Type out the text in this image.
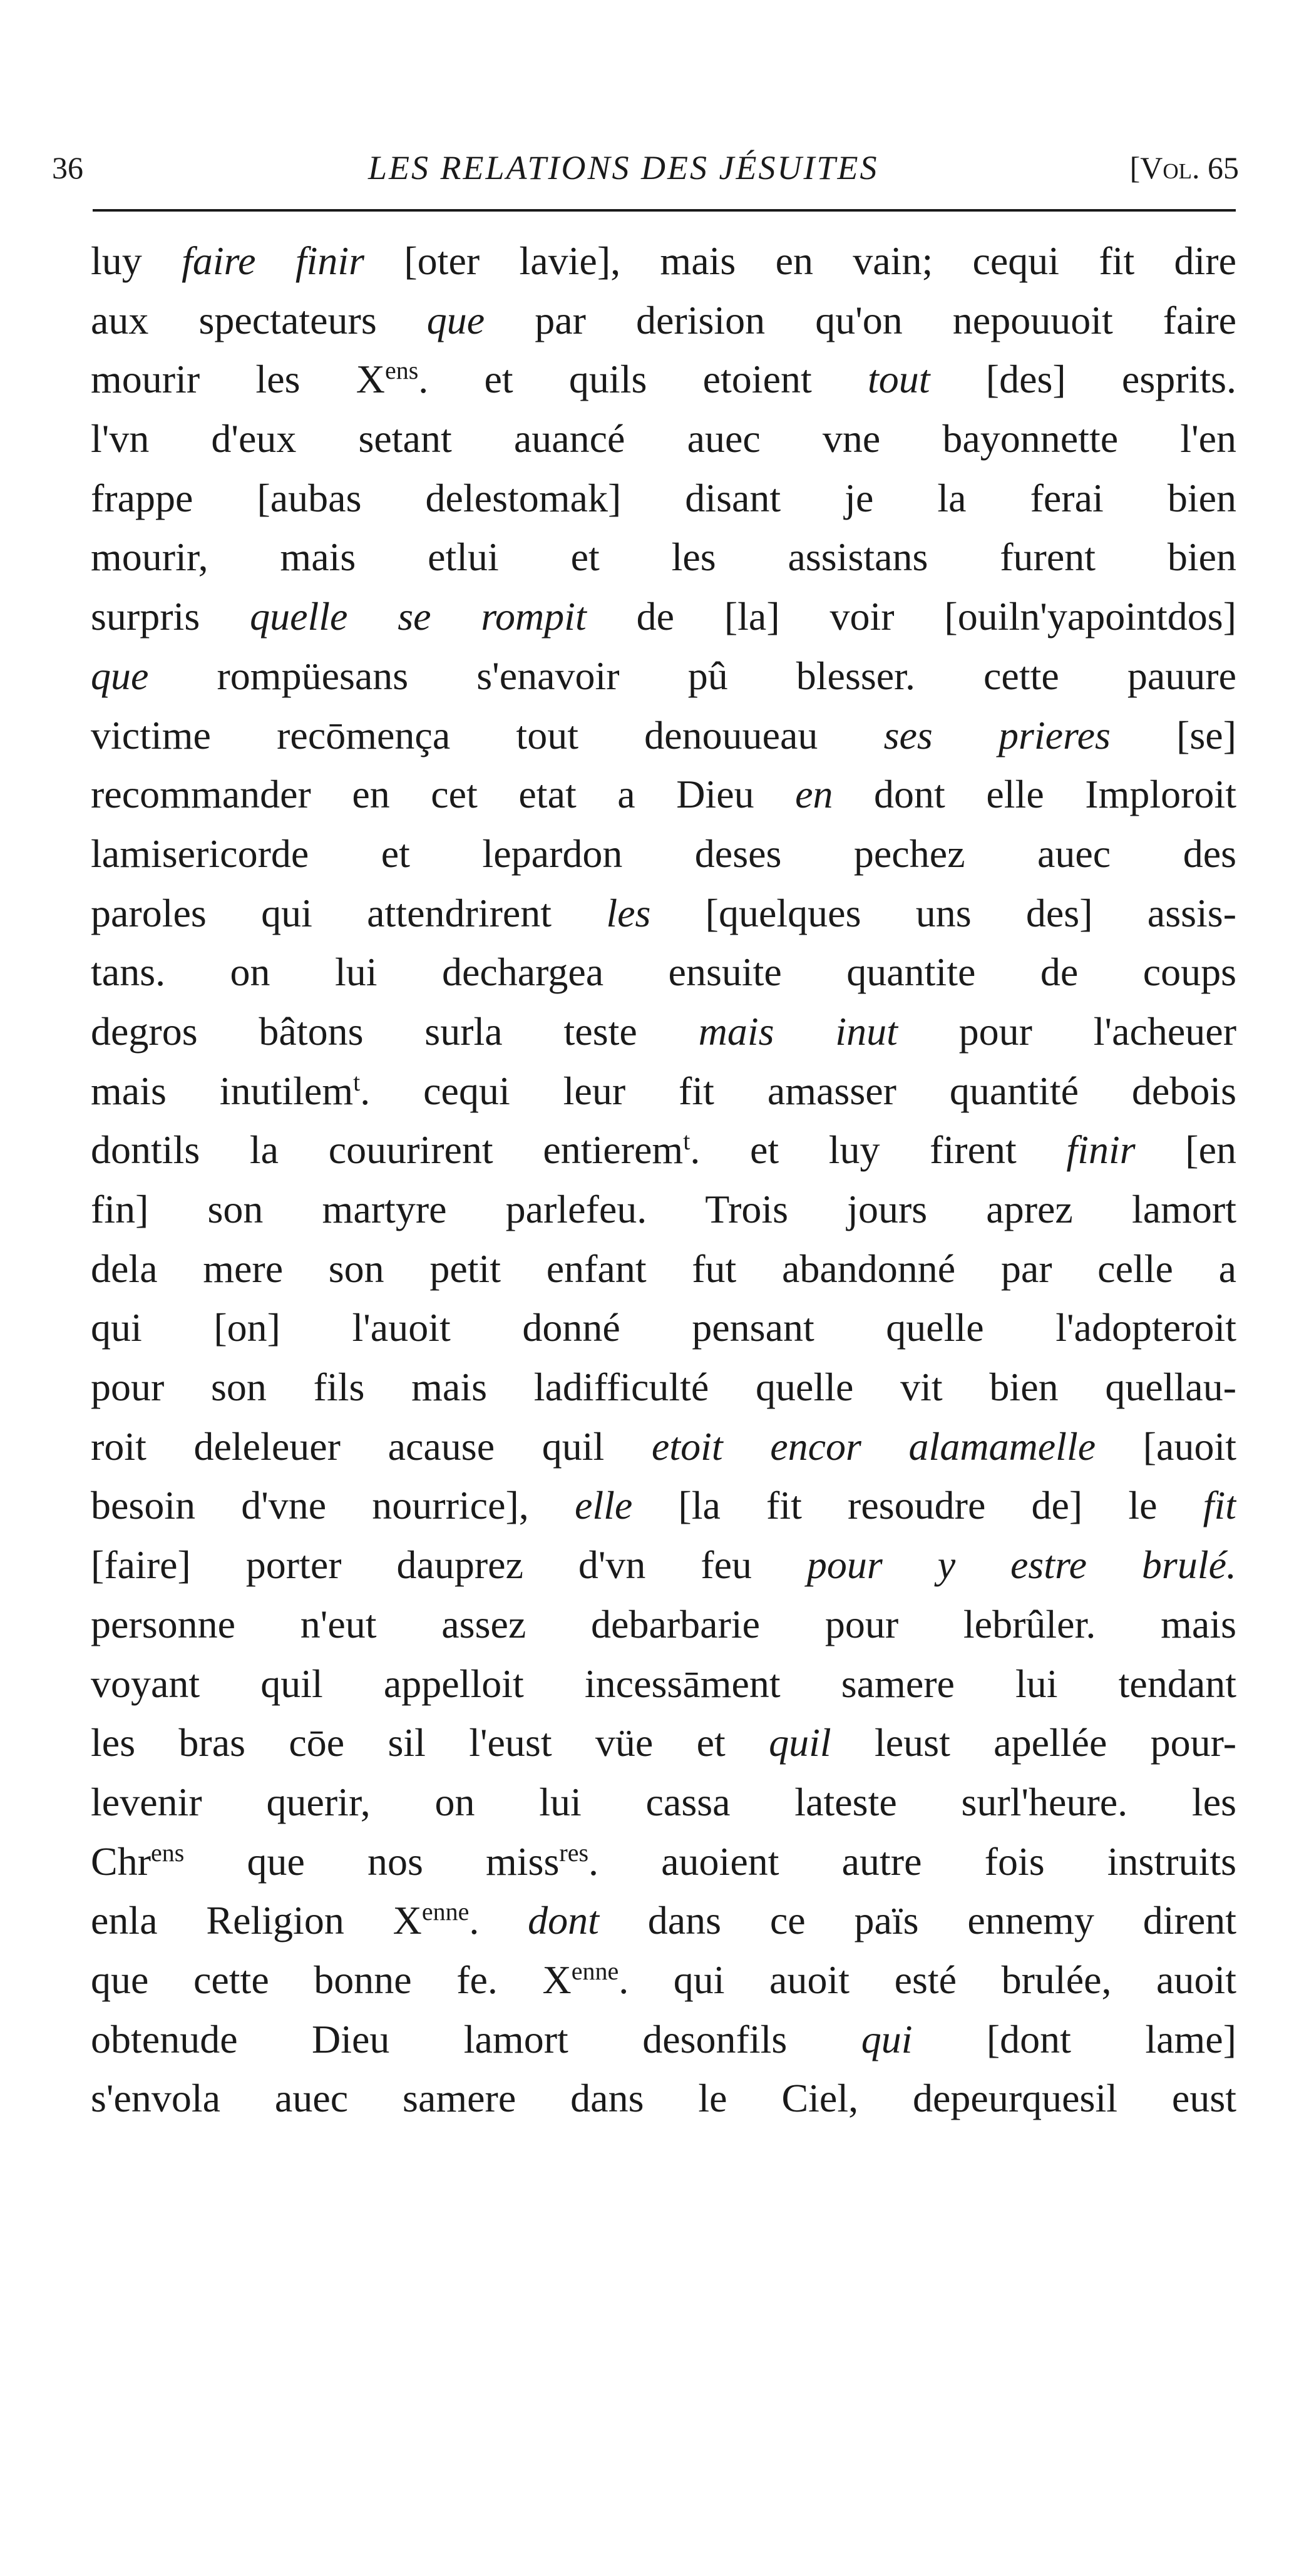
36	LES RELATIONS DES JÉSUITES	[Vol. 65
luy faire finir [oter lavie], mais en vain; cequi fit dire
aux spectateurs que par derision qu'on nepouuoit faire
mourir les $X^{ens}$. et quils etoient tout [des] esprits.
l'vn d'eux setant auancé auec vne bayonnette l'en
frappe [aubas delestomak] disant je la ferai bien
mourir, mais etlui et les assistans furent bien
surpris quelle se rompit de [la] voir [ouiln'yapointdos]
que rompüesans s'enavoir pû blesser. cette pauure
victime recōmença tout denouueau ses prieres [se]
recommander en cet etat a Dieu en dont elle Imploroit
lamisericorde et lepardon deses pechez auec des
paroles qui attendrirent les [quelques uns des] assis-
tans. on lui dechargea ensuite quantite de coups
degros bâtons surla teste mais inut pour l'acheuer
mais inutilem$^t$. cequi leur fit amasser quantité debois
dontils la couurirent entierem$^t$. et luy firent finir [en
fin] son martyre parlefeu. Trois jours aprez lamort
dela mere son petit enfant fut abandonné par celle a
qui [on] l'auoit donné pensant quelle l'adopteroit
pour son fils mais ladifficulté quelle vit bien quellau-
roit deleleuer acause quil etoit encor alamamelle [auoit
besoin d'vne nourrice], elle [la fit resoudre de] le fit
[faire] porter dauprez d'vn feu pour y estre brulé.
personne n'eut assez debarbarie pour lebrûler. mais
voyant quil appelloit incessāment samere lui tendant
les bras cōe sil l'eust vüe et quil leust apellée pour-
levenir querir, on lui cassa lateste surl'heure. les
Chr$^{ens}$ que nos miss$^{res}$. auoient autre fois instruits
enla Religion $X^{enne}$. dont dans ce païs ennemy dirent
que cette bonne fe. $X^{enne}$. qui auoit esté brulée, auoit
obtenude Dieu lamort desonfils qui [dont lame]
s'envola auec samere dans le Ciel, depeurquesil eust
